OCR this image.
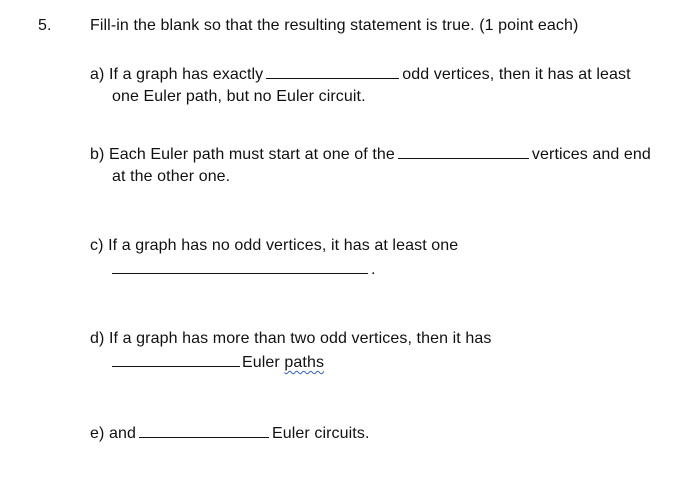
5. Fill-in the blank so that the resulting statement is true. (1 point each)
a) If a graph has exactly	odd vertices, then it has at least
one Euler path, but no Euler circuit.
b) Each Euler path must start at one of the	vertices and end
at the other one.
c) If a graph has no odd vertices, it has at least one
.
d) If a graph has more than two odd vertices, then it has
Euler paths
e) and	Euler circuits.
